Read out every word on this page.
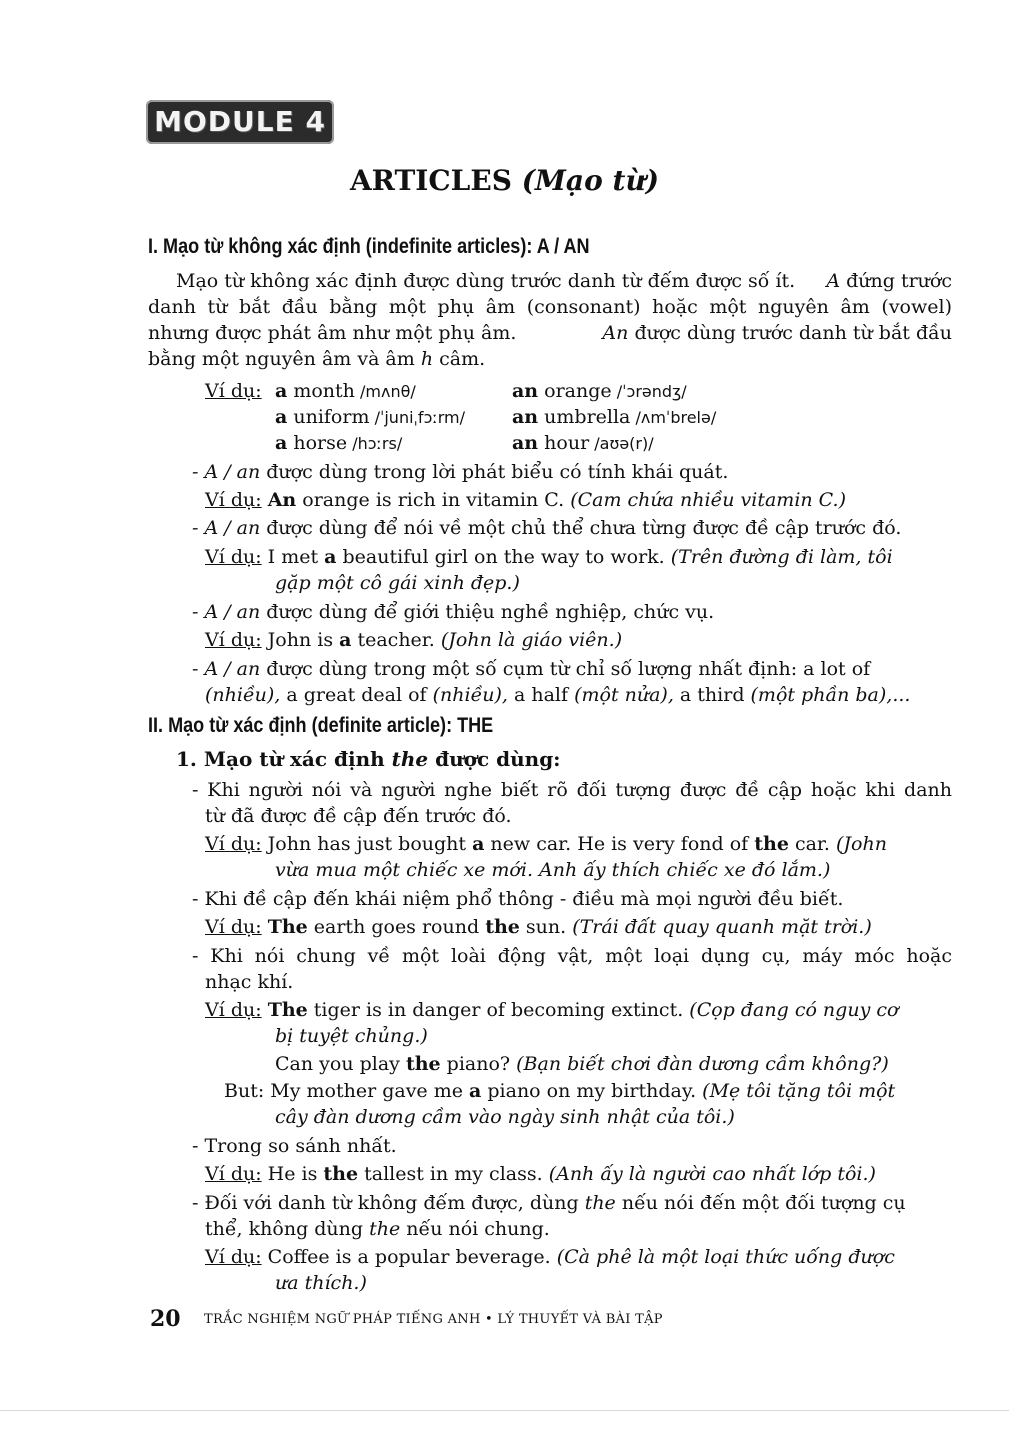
MODULE 4
ARTICLES (Mạo từ)
I. Mạo từ không xác định (indefinite articles): A / AN
Mạo từ không xác định được dùng trước danh từ đếm được số ít. A đứng trước
danh từ bắt đầu bằng một phụ âm (consonant) hoặc một nguyên âm (vowel)
nhưng được phát âm như một phụ âm.	An được dùng trước danh từ bắt đầu
bằng một nguyên âm và âm h câm.
Ví dụ: a month /mʌnθ/	an orange /ˈɔrəndʒ/
a uniform /ˈjuniˌfɔːrm/ an umbrella /ʌmˈbrelə/
a horse /hɔːrs/	an hour /aʊə(r)/
- A / an được dùng trong lời phát biểu có tính khái quát.
Ví dụ: An orange is rich in vitamin C. (Cam chứa nhiều vitamin C.)
- A / an được dùng để nói về một chủ thể chưa từng được đề cập trước đó.
Ví dụ: I met a beautiful girl on the way to work. (Trên đường đi làm, tôi
gặp một cô gái xinh đẹp.)
- A / an được dùng để giới thiệu nghề nghiệp, chức vụ.
Ví dụ: John is a teacher. (John là giáo viên.)
- A / an được dùng trong một số cụm từ chỉ số lượng nhất định: a lot of
(nhiều), a great deal of (nhiều), a half (một nửa), a third (một phần ba),...
II. Mạo từ xác định (definite article): THE
1. Mạo từ xác định the được dùng:
- Khi người nói và người nghe biết rõ đối tượng được đề cập hoặc khi danh
từ đã được đề cập đến trước đó.
Ví dụ: John has just bought a new car. He is very fond of the car. (John
vừa mua một chiếc xe mới. Anh ấy thích chiếc xe đó lắm.)
- Khi đề cập đến khái niệm phổ thông - điều mà mọi người đều biết.
Ví dụ: The earth goes round the sun. (Trái đất quay quanh mặt trời.)
- Khi nói chung về một loài động vật, một loại dụng cụ, máy móc hoặc
nhạc khí.
Ví dụ: The tiger is in danger of becoming extinct. (Cọp đang có nguy cơ
bị tuyệt chủng.)
Can you play the piano? (Bạn biết chơi đàn dương cầm không?)
But: My mother gave me a piano on my birthday. (Mẹ tôi tặng tôi một
cây đàn dương cầm vào ngày sinh nhật của tôi.)
- Trong so sánh nhất.
Ví dụ: He is the tallest in my class. (Anh ấy là người cao nhất lớp tôi.)
- Đối với danh từ không đếm được, dùng the nếu nói đến một đối tượng cụ
thể, không dùng the nếu nói chung.
Ví dụ: Coffee is a popular beverage. (Cà phê là một loại thức uống được
ưa thích.)
20 TRẮC NGHIỆM NGỮ PHÁP TIẾNG ANH • LÝ THUYẾT VÀ BÀI TẬP
